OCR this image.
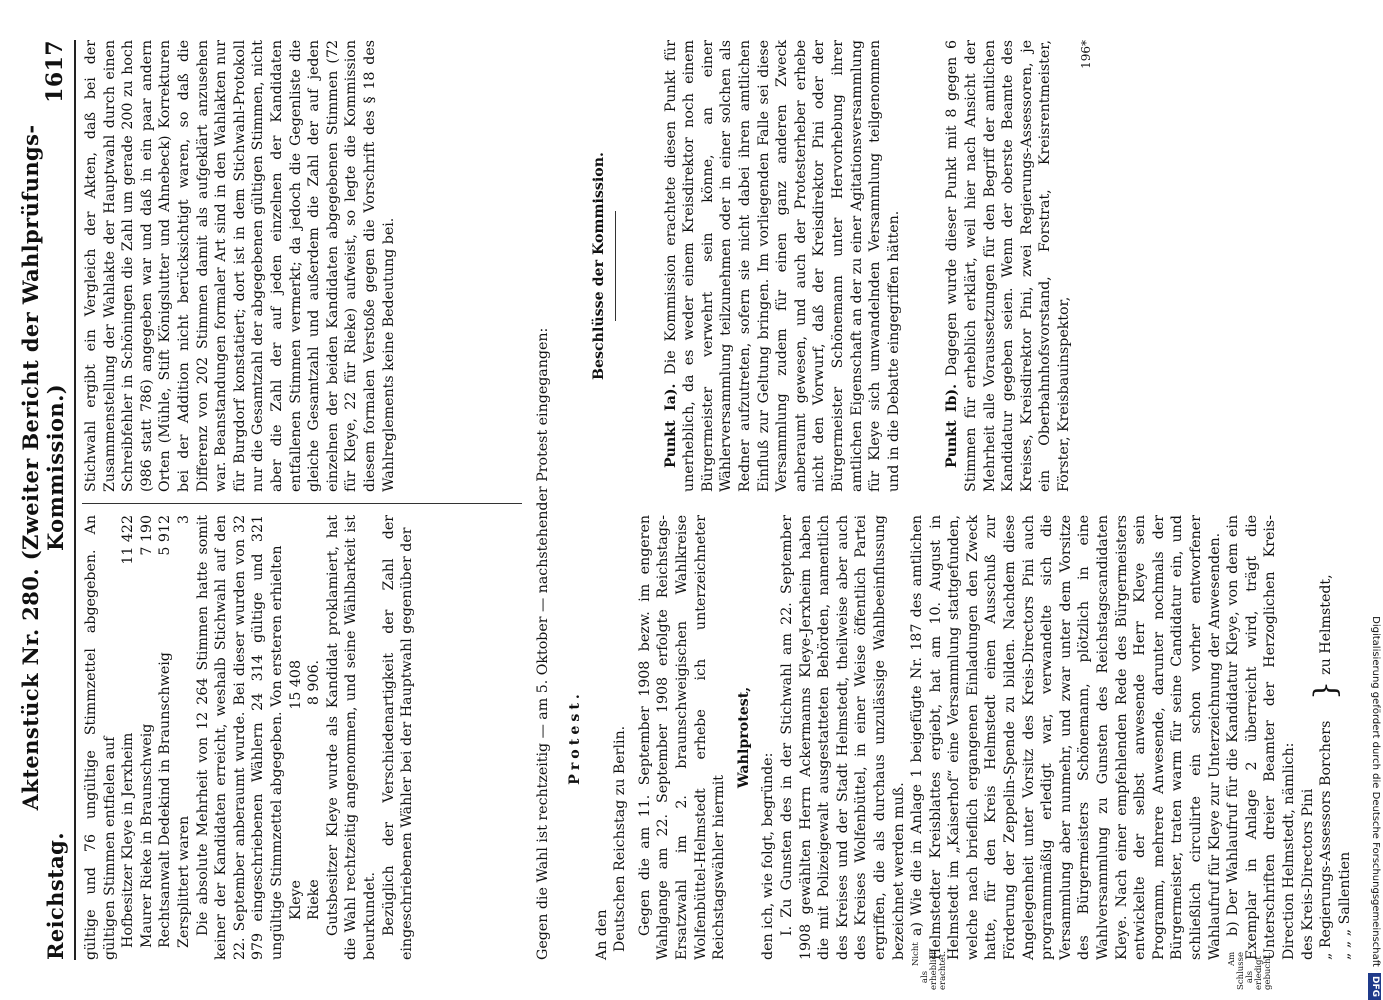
Reichstag.
Aktenstück Nr. 280. (Zweiter Bericht der Wahlprüfungs-Kommission.)
1617

gültige und 76 ungültige Stimmzettel abgegeben. An gültigen Stimmen entfielen auf Hofbesitzer Kleye in Jerxheim
11 422
Maurer Rieke in Braunschweig
7 190
Rechtsanwalt Dedekind in Braunschweig
5 912
Zersplittert waren
3 Die absolute Mehrheit von 12 264 Stimmen hatte somit keiner der Kandidaten erreicht, weshalb Stichwahl auf den 22. September anberaumt wurde. Bei dieser wurden von 32 979 eingeschriebenen Wählern 24 314 gültige und 321 ungültige Stimmzettel abgegeben. Von ersteren erhielten Kleye
15 408
Rieke
8 906. Gutsbesitzer Kleye wurde als Kandidat proklamiert, hat die Wahl rechtzeitig angenommen, und seine Wählbarkeit ist beurkundet. Bezüglich der Verschiedenartigkeit der Zahl der eingeschriebenen Wähler bei der Hauptwahl gegenüber der

Stichwahl ergibt ein Vergleich der Akten, daß bei der Zusammenstellung der Wahlakte der Hauptwahl durch einen Schreibfehler in Schöningen die Zahl um gerade 200 zu hoch (986 statt 786) angegeben war und daß in ein paar andern Orten (Mühle, Stift Königslutter und Ahnebeck) Korrekturen bei der Addition nicht berücksichtigt waren, so daß die Differenz von 202 Stimmen damit als aufgeklärt anzusehen war. Beanstandungen formaler Art sind in den Wahlakten nur für Burgdorf konstatiert; dort ist in dem Stichwahl-Protokoll nur die Gesamtzahl der abgegebenen gültigen Stimmen, nicht aber die Zahl der auf jeden einzelnen der Kandidaten entfallenen Stimmen vermerkt; da jedoch die Gegenliste die gleiche Gesamtzahl und außerdem die Zahl der auf jeden einzelnen der beiden Kandidaten abgegebenen Stimmen (72 für Kleye, 22 für Rieke) aufweist, so legte die Kommission diesem formalen Verstoße gegen die Vorschrift des § 18 des Wahlreglements keine Bedeutung bei.	Gegen die Wahl ist rechtzeitig — am 5. Oktober — nachstehender Protest eingegangen: Protest.

An den Deutschen Reichstag zu Berlin. Gegen die am 11. September 1908 bezw. im engeren Wahlgange am 22. September 1908 erfolgte Reichstags-Ersatzwahl im 2. braunschweigischen Wahlkreise Wolfenbüttel-Helmstedt erhebe ich unterzeichneter Reichstagswähler hiermit

Wahlprotest,

den ich, wie folgt, begründe: I. Zu Gunsten des in der Stichwahl am 22. September 1908 gewählten Herrn Ackermanns Kleye-Jerxheim haben die mit Polizeigewalt ausgestatteten Behörden, namentlich des Kreises und der Stadt Helmstedt, theilweise aber auch des Kreises Wolfenbüttel, in einer Weise öffentlich Partei ergriffen, die als durchaus unzulässige Wahlbeeinflussung bezeichnet werden muß. Nicht als erheblich erachtet.
a) Wie die in Anlage 1 beigefügte Nr. 187 des amtlichen Helmstedter Kreisblattes ergiebt, hat am 10. August in Helmstedt im „Kaiserhof“ eine Versammlung stattgefunden, welche nach brieflich ergangenen Einladungen den Zweck hatte, für den Kreis Helmstedt einen Ausschuß zur Förderung der Zeppelin-Spende zu bilden. Nachdem diese Angelegenheit unter Vorsitz des Kreis-Directors Pini auch programmmäßig erledigt war, verwandelte sich die Versammlung aber nunmehr, und zwar unter dem Vorsitze des Bürgermeisters Schönemann, plötzlich in eine Wahlversammlung zu Gunsten des Reichstagscandidaten Kleye. Nach einer empfehlenden Rede des Bürgermeisters entwickelte der selbst anwesende Herr Kleye sein Programm, mehrere Anwesende, darunter nochmals der Bürgermeister, traten warm für seine Candidatur ein, und schließlich circulirte ein schon vorher entworfener Wahlaufruf für Kleye zur Unterzeichnung der Anwesenden. Am Schlusse als erledigt gebucht.
b) Der Wahlaufruf für die Kandidatur Kleye, von dem ein Exemplar in Anlage 2 überreicht wird, trägt die Unterschriften dreier Beamter der Herzoglichen Kreis-Direction Helmstedt, nämlich: des Kreis-Directors Pini
„ Regierungs-Assessors Borchers
„ „ „ Sallentien
}
zu Helmstedt,

Beschlüsse der Kommission.

Punkt Ia). Die Kommission erachtete diesen Punkt für unerheblich, da es weder einem Kreisdirektor noch einem Bürgermeister verwehrt sein könne, an einer Wählerversammlung teilzunehmen oder in einer solchen als Redner aufzutreten, sofern sie nicht dabei ihren amtlichen Einfluß zur Geltung bringen. Im vorliegenden Falle sei diese Versammlung zudem für einen ganz anderen Zweck anberaumt gewesen, und auch der Protesterheber erhebe nicht den Vorwurf, daß der Kreisdirektor Pini oder der Bürgermeister Schönemann unter Hervorhebung ihrer amtlichen Eigenschaft an der zu einer Agitationsversammlung für Kleye sich umwandelnden Versammlung teilgenommen und in die Debatte eingegriffen hätten.	Punkt Ib). Dagegen wurde dieser Punkt mit 8 gegen 6 Stimmen für erheblich erklärt, weil hier nach Ansicht der Mehrheit alle Voraussetzungen für den Begriff der amtlichen Kandidatur gegeben seien. Wenn der oberste Beamte des Kreises, Kreisdirektor Pini, zwei Regierungs-Assessoren, je ein Oberbahnhofsvorstand, Forstrat, Kreisrentmeister, Förster, Kreisbauinspektor,

196*

Digitalisierung gefördert durch die Deutsche Forschungsgemeinschaft
DFG
